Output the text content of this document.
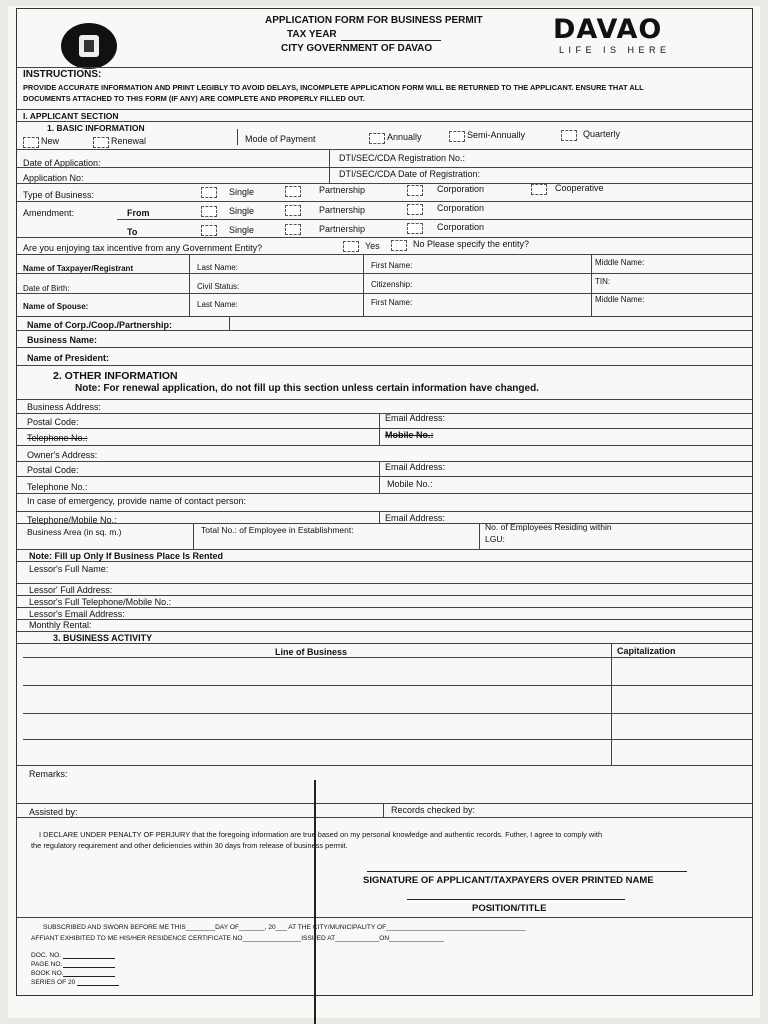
APPLICATION FORM FOR BUSINESS PERMIT
TAX YEAR
CITY GOVERNMENT OF DAVAO
DAVAO
LIFE IS HERE
INSTRUCTIONS:
PROVIDE ACCURATE INFORMATION AND PRINT LEGIBLY TO AVOID DELAYS, INCOMPLETE APPLICATION FORM WILL BE RETURNED TO THE APPLICANT. ENSURE THAT ALL
DOCUMENTS ATTACHED TO THIS FORM (IF ANY) ARE COMPLETE AND PROPERLY FILLED OUT.
I. APPLICANT SECTION
1. BASIC INFORMATION
New	Renewal	Mode of Payment	Annually	Semi-Annually	Quarterly
Date of Application:	DTI/SEC/CDA Registration No.:
Application No:	DTI/SEC/CDA Date of Registration:
Type of Business:	Single	Partnership	Corporation	Cooperative
Amendment:	From	Single	Partnership	Corporation
To	Single	Partnership	Corporation
Are you enjoying tax incentive from any Government Entity?	Yes	No Please specify the entity?
Name of Taxpayer/Registrant	Last Name:	First Name:	Middle Name:
Date of Birth:	Civil Status:	Citizenship:	TIN:
Name of Spouse:	Last Name:	First Name:	Middle Name:
Name of Corp./Coop./Partnership:
Business Name:
Name of President:
2. OTHER INFORMATION
Note: For renewal application, do not fill up this section unless certain information have changed.
Business Address:
Postal Code:	Email Address:
Telephone No.:	Mobile No.:
Owner's Address:
Postal Code:	Email Address:
Telephone No.:	Mobile No.:
In case of emergency, provide name of contact person:
Telephone/Mobile No.:	Email Address:
Business Area (in sq. m.)	Total No.: of Employee in Establishment:	No. of Employees Residing within
LGU:
Note: Fill up Only If Business Place Is Rented
Lessor's Full Name:
Lessor' Full Address:
Lessor's Full Telephone/Mobile No.:
Lessor's Email Address:
Monthly Rental:
3. BUSINESS ACTIVITY
Line of Business	Capitalization
Remarks:
Assisted by:	Records checked by:
I DECLARE UNDER PENALTY OF PERJURY that the foregoing information are true based on my personal knowledge and authentic records. Futher, I agree to comply with
the regulatory requirement and other deficiencies within 30 days from release of business permit.
SIGNATURE OF APPLICANT/TAXPAYERS OVER PRINTED NAME
POSITION/TITLE
SUBSCRIBED AND SWORN BEFORE ME THIS________DAY OF_______, 20___ AT THE CITY/MUNICIPALITY OF______________________________________
AFFIANT EXHIBITED TO ME HIS/HER RESIDENCE CERTIFICATE NO________________ISSUED AT____________ON_______________
DOC. NO.
PAGE NO.
BOOK NO.
SERIES OF 20
